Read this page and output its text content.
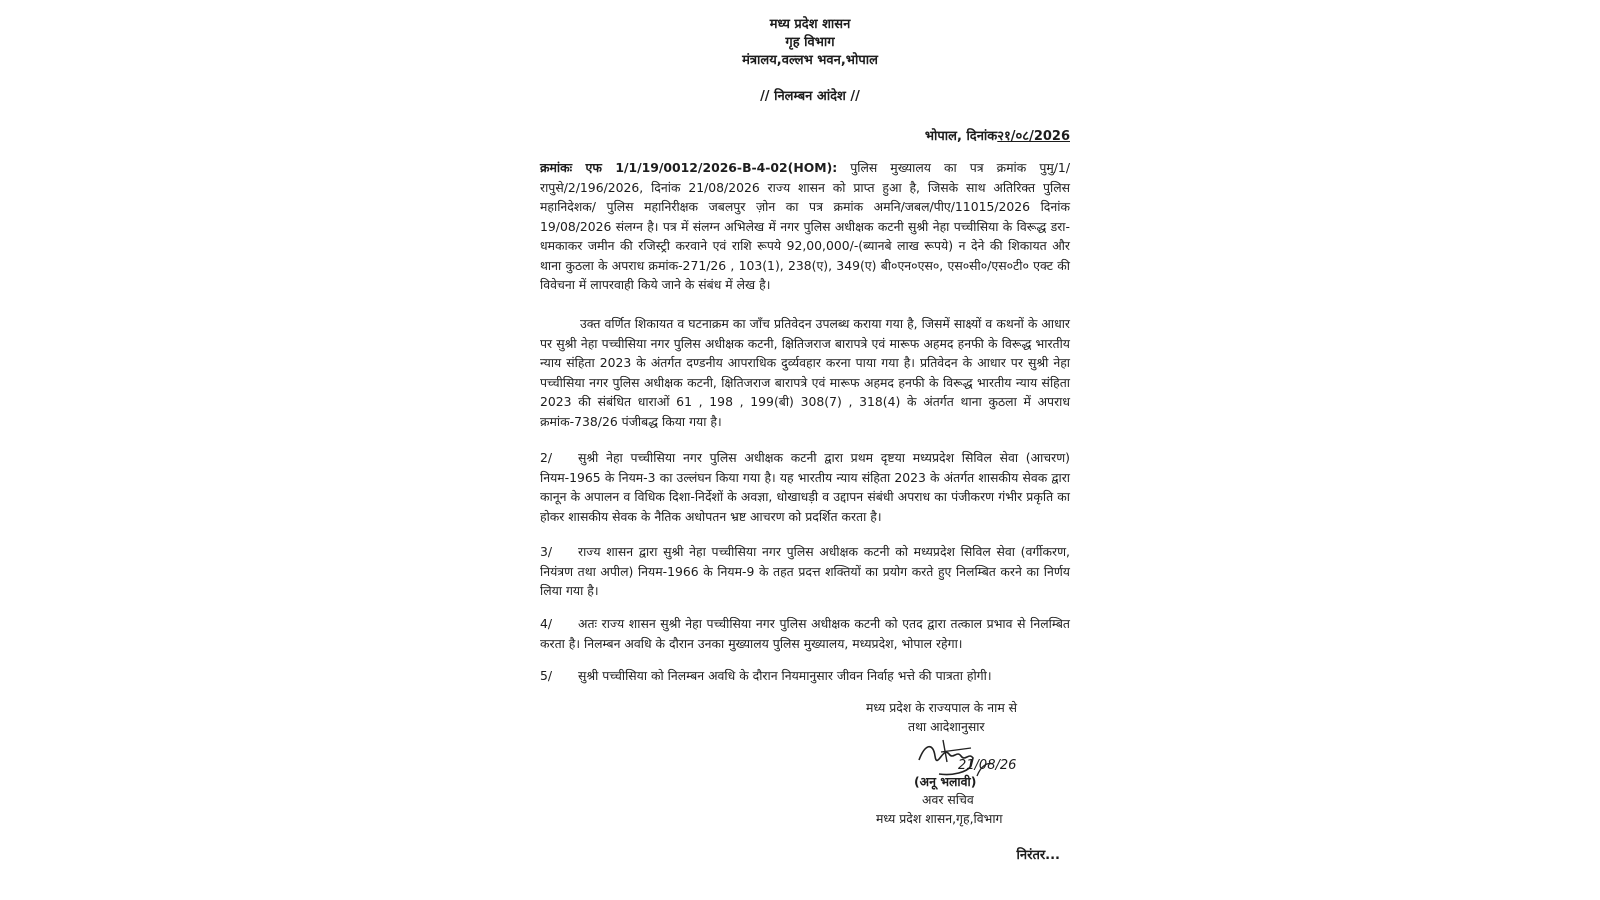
मध्य प्रदेश शासन
गृह विभाग
मंत्रालय,वल्लभ भवन,भोपाल
// निलम्बन आंदेश //
भोपाल, दिनांक२१/०८/2026
क्रमांकः एफ 1/1/19/0012/2026-B-4-02(HOM): पुलिस मुख्यालय का पत्र क्रमांक पुमु/1/रापुसे/2/196/2026, दिनांक 21/08/2026 राज्य शासन को प्राप्त हुआ है, जिसके साथ अतिरिक्त पुलिस महानिदेशक/ पुलिस महानिरीक्षक जबलपुर ज़ोन का पत्र क्रमांक अमनि/जबल/पीए/11015/2026 दिनांक 19/08/2026 संलग्न है। पत्र में संलग्न अभिलेख में नगर पुलिस अधीक्षक कटनी सुश्री नेहा पच्चीसिया के विरूद्ध डरा-धमकाकर जमीन की रजिस्ट्री करवाने एवं राशि रूपये 92,00,000/-(ब्यानबे लाख रूपये) न देने की शिकायत और थाना कुठला के अपराध क्रमांक-271/26 , 103(1), 238(ए), 349(ए) बी०एन०एस०, एस०सी०/एस०टी० एक्ट की विवेचना में लापरवाही किये जाने के संबंध में लेख है।
उक्त वर्णित शिकायत व घटनाक्रम का जाँच प्रतिवेदन उपलब्ध कराया गया है, जिसमें साक्ष्यों व कथनों के आधार पर सुश्री नेहा पच्चीसिया नगर पुलिस अधीक्षक कटनी, क्षितिजराज बारापत्रे एवं मारूफ अहमद हनफी के विरूद्ध भारतीय न्याय संहिता 2023 के अंतर्गत दण्डनीय आपराधिक दुर्व्यवहार करना पाया गया है। प्रतिवेदन के आधार पर सुश्री नेहा पच्चीसिया नगर पुलिस अधीक्षक कटनी, क्षितिजराज बारापत्रे एवं मारूफ अहमद हनफी के विरूद्ध भारतीय न्याय संहिता 2023 की संबंधित धाराओं 61 , 198 , 199(बी) 308(7) , 318(4) के अंतर्गत थाना कुठला में अपराध क्रमांक-738/26 पंजीबद्ध किया गया है।
2/ सुश्री नेहा पच्चीसिया नगर पुलिस अधीक्षक कटनी द्वारा प्रथम दृष्टया मध्यप्रदेश सिविल सेवा (आचरण) नियम-1965 के नियम-3 का उल्लंघन किया गया है। यह भारतीय न्याय संहिता 2023 के अंतर्गत शासकीय सेवक द्वारा कानून के अपालन व विधिक दिशा-निर्देशों के अवज्ञा, धोखाधड़ी व उद्दापन संबंधी अपराध का पंजीकरण गंभीर प्रकृति का होकर शासकीय सेवक के नैतिक अधोपतन भ्रष्ट आचरण को प्रदर्शित करता है।
3/ राज्य शासन द्वारा सुश्री नेहा पच्चीसिया नगर पुलिस अधीक्षक कटनी को मध्यप्रदेश सिविल सेवा (वर्गीकरण, नियंत्रण तथा अपील) नियम-1966 के नियम-9 के तहत प्रदत्त शक्तियों का प्रयोग करते हुए निलम्बित करने का निर्णय लिया गया है।
4/ अतः राज्य शासन सुश्री नेहा पच्चीसिया नगर पुलिस अधीक्षक कटनी को एतद द्वारा तत्काल प्रभाव से निलम्बित करता है। निलम्बन अवधि के दौरान उनका मुख्यालय पुलिस मुख्यालय, मध्यप्रदेश, भोपाल रहेगा।
5/ सुश्री पच्चीसिया को निलम्बन अवधि के दौरान नियमानुसार जीवन निर्वाह भत्ते की पात्रता होगी।
मध्य प्रदेश के राज्यपाल के नाम से
तथा आदेशानुसार
21/08/26
(अनू भलावी)
अवर सचिव
मध्य प्रदेश शासन,गृह,विभाग
निरंतर...
